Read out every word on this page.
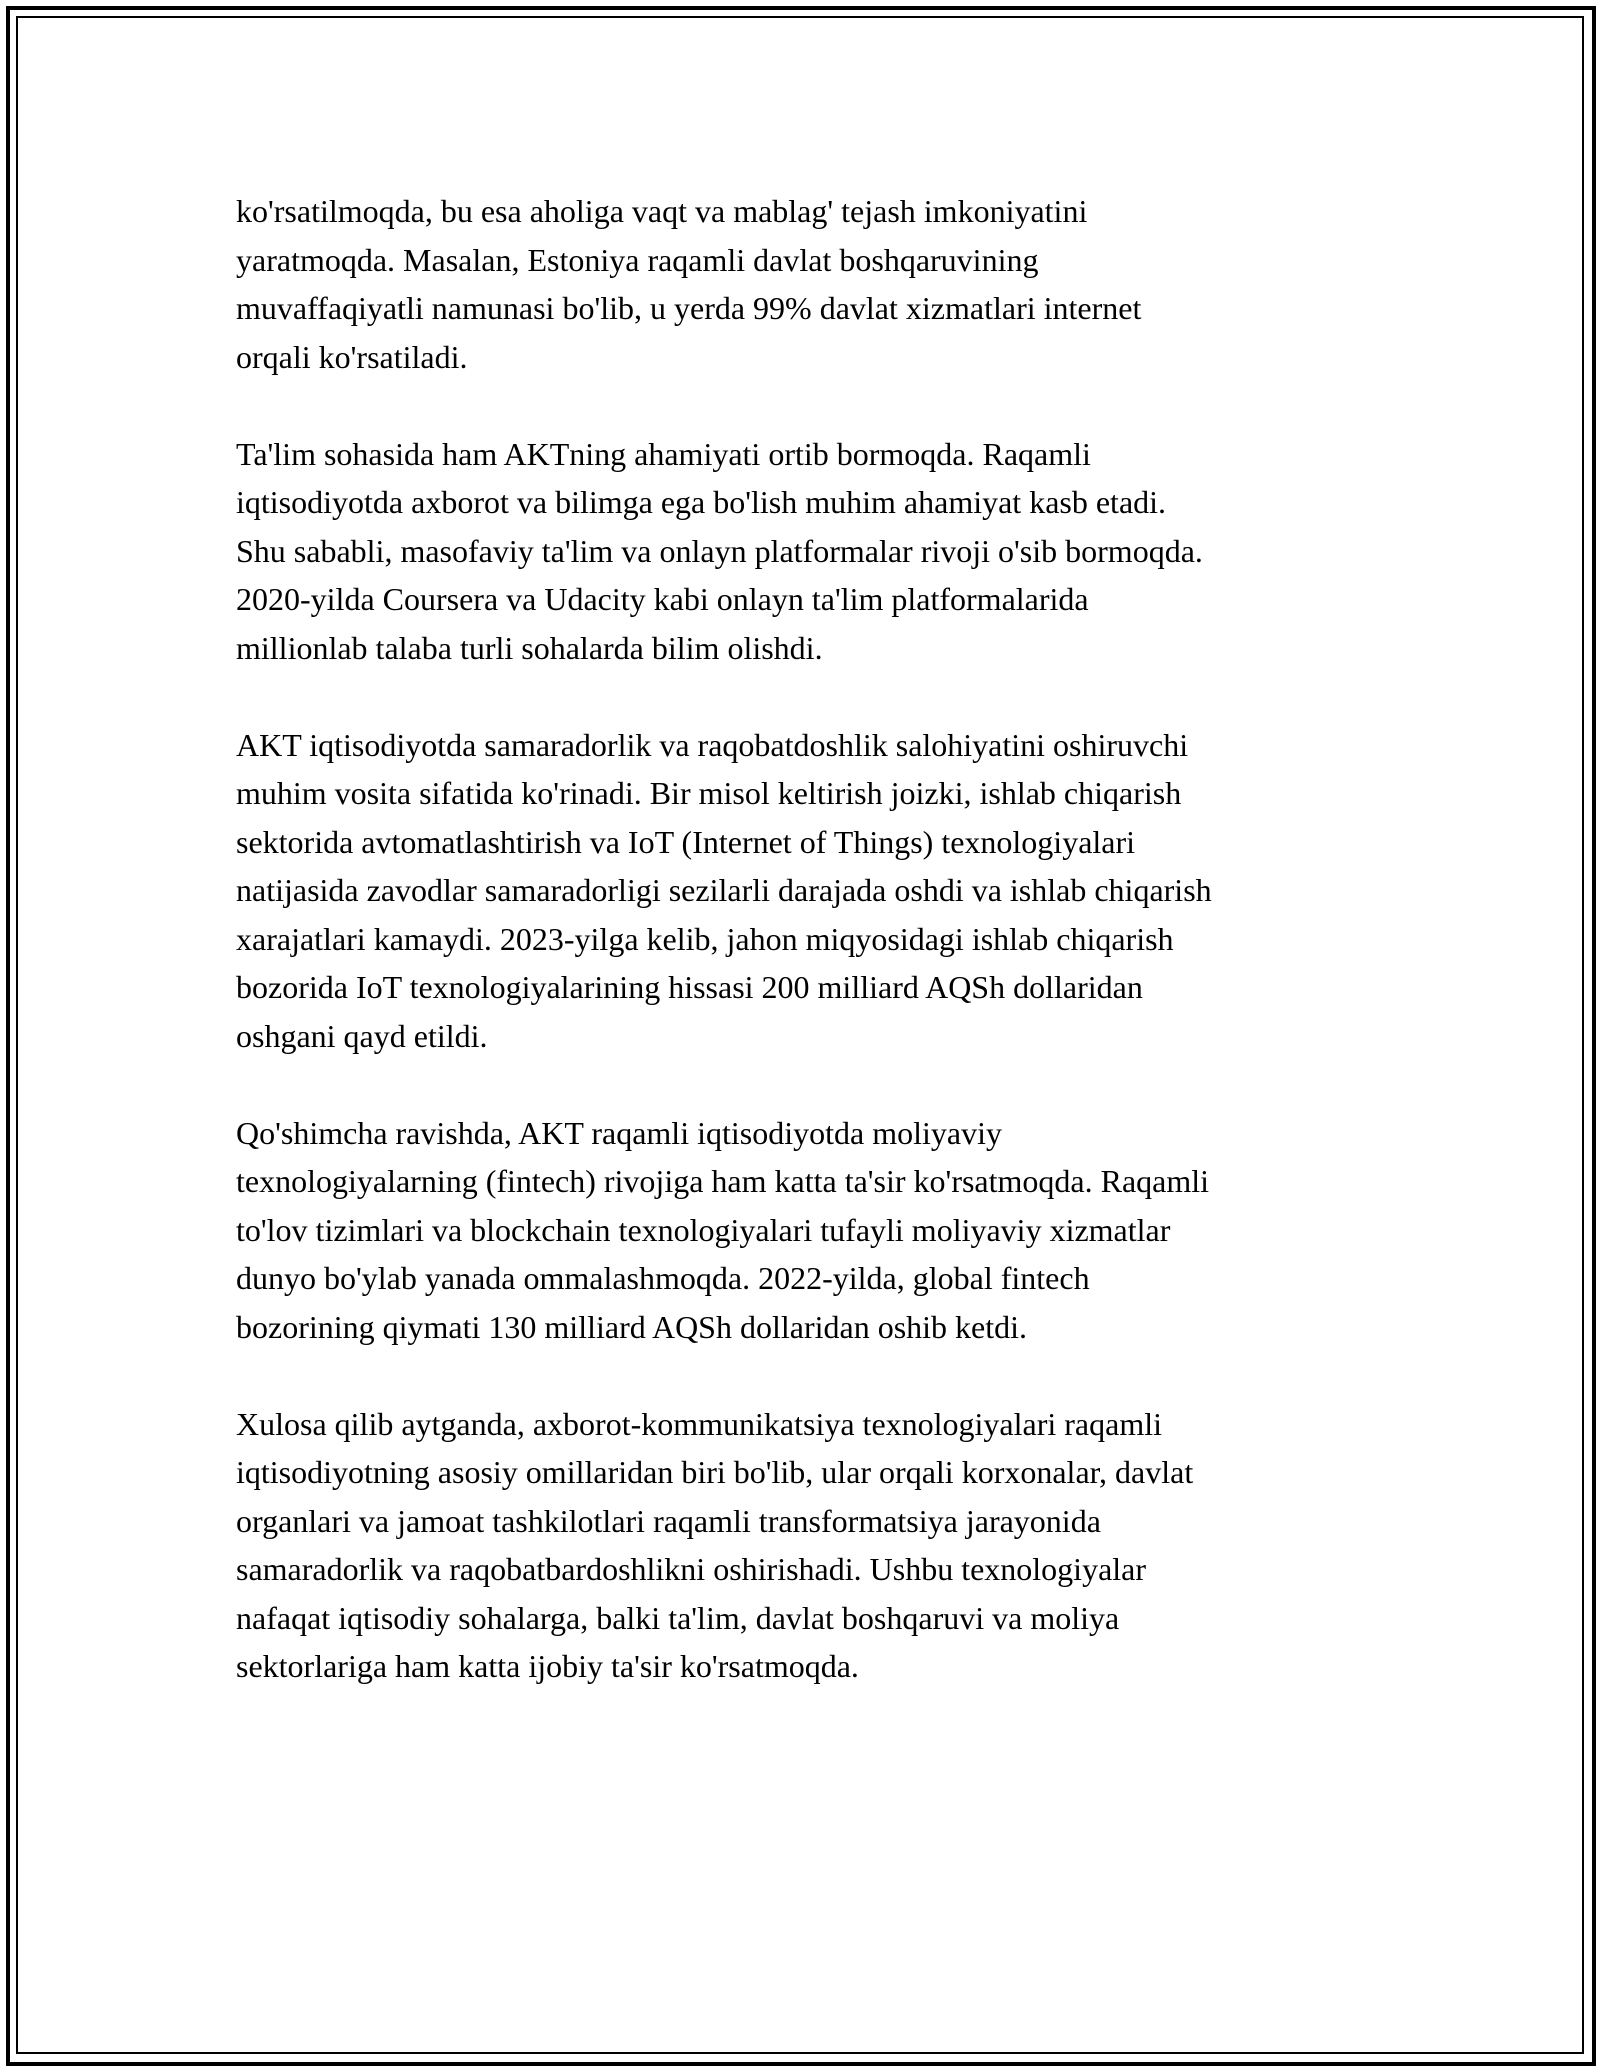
ko'rsatilmoqda, bu esa aholiga vaqt va mablag' tejash imkoniyatini
yaratmoqda. Masalan, Estoniya raqamli davlat boshqaruvining
muvaffaqiyatli namunasi bo'lib, u yerda 99% davlat xizmatlari internet
orqali ko'rsatiladi.

Ta'lim sohasida ham AKTning ahamiyati ortib bormoqda. Raqamli
iqtisodiyotda axborot va bilimga ega bo'lish muhim ahamiyat kasb etadi.
Shu sababli, masofaviy ta'lim va onlayn platformalar rivoji o'sib bormoqda.
2020-yilda Coursera va Udacity kabi onlayn ta'lim platformalarida
millionlab talaba turli sohalarda bilim olishdi.

AKT iqtisodiyotda samaradorlik va raqobatdoshlik salohiyatini oshiruvchi
muhim vosita sifatida ko'rinadi. Bir misol keltirish joizki, ishlab chiqarish
sektorida avtomatlashtirish va IoT (Internet of Things) texnologiyalari
natijasida zavodlar samaradorligi sezilarli darajada oshdi va ishlab chiqarish
xarajatlari kamaydi. 2023-yilga kelib, jahon miqyosidagi ishlab chiqarish
bozorida IoT texnologiyalarining hissasi 200 milliard AQSh dollaridan
oshgani qayd etildi.

Qo'shimcha ravishda, AKT raqamli iqtisodiyotda moliyaviy
texnologiyalarning (fintech) rivojiga ham katta ta'sir ko'rsatmoqda. Raqamli
to'lov tizimlari va blockchain texnologiyalari tufayli moliyaviy xizmatlar
dunyo bo'ylab yanada ommalashmoqda. 2022-yilda, global fintech
bozorining qiymati 130 milliard AQSh dollaridan oshib ketdi.

Xulosa qilib aytganda, axborot-kommunikatsiya texnologiyalari raqamli
iqtisodiyotning asosiy omillaridan biri bo'lib, ular orqali korxonalar, davlat
organlari va jamoat tashkilotlari raqamli transformatsiya jarayonida
samaradorlik va raqobatbardoshlikni oshirishadi. Ushbu texnologiyalar
nafaqat iqtisodiy sohalarga, balki ta'lim, davlat boshqaruvi va moliya
sektorlariga ham katta ijobiy ta'sir ko'rsatmoqda.
